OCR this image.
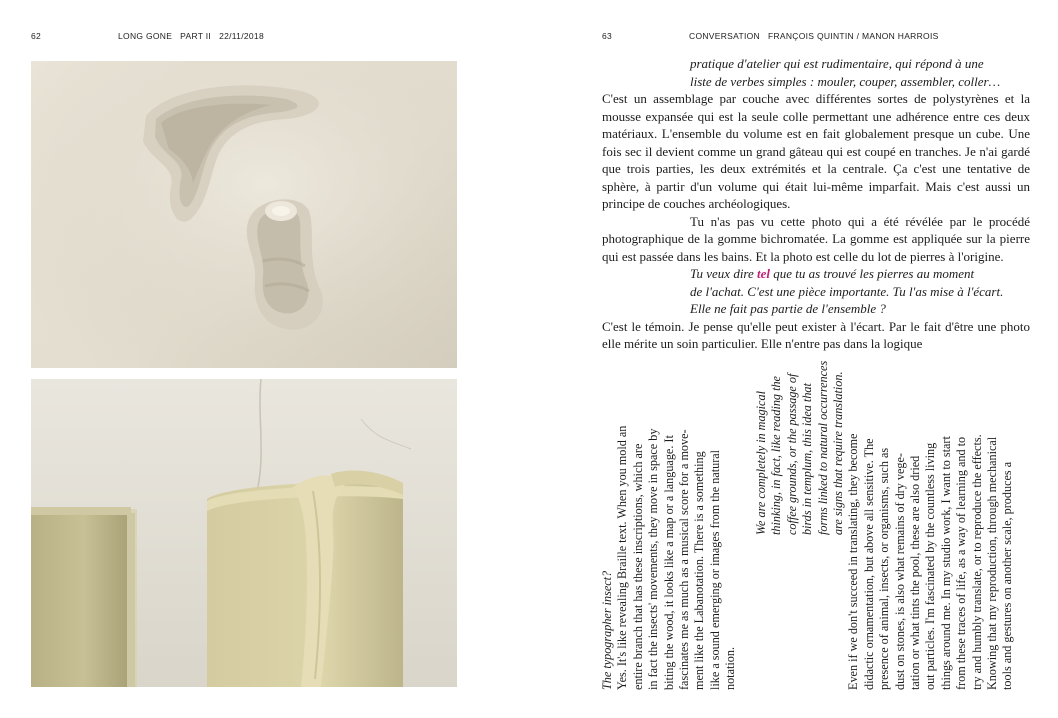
62	LONG GONE   PART II   22/11/2018	63	CONVERSATION   FRANÇOIS QUINTIN / MANON HARROIS

pratique d'atelier qui est rudimentaire, qui répond à une

liste de verbes simples : mouler, couper, assembler, coller…

C'est un assemblage par couche avec différentes sortes de polystyrènes et la mousse expansée qui est la seule colle permettant une adhérence entre ces deux matériaux. L'ensemble du volume est en fait globalement presque un cube. Une fois sec il devient comme un grand gâteau qui est coupé en tranches. Je n'ai gardé que trois parties, les deux extrémités et la centrale. Ça c'est une tentative de sphère, à partir d'un volume qui était lui-même imparfait. Mais c'est aussi un principe de couches archéologiques.

Tu n'as pas vu cette photo qui a été révélée par le procédé photographique de la gomme bichromatée. La gomme est appliquée sur la pierre qui est passée dans les bains. Et la photo est celle du lot de pierres à l'origine.

Tu veux dire tel que tu as trouvé les pierres au moment

de l'achat. C'est une pièce importante. Tu l'as mise à l'écart.

Elle ne fait pas partie de l'ensemble ?

C'est le témoin. Je pense qu'elle peut exister à l'écart. Par le fait d'être une photo elle mérite un soin particulier. Elle n'entre pas dans la logique

The typographer insect? Yes. It's like revealing Braille text. When you mold an entire branch that has these inscriptions, which are in fact the insects' movements, they move in space by biting the wood, it looks like a map or a language. It fascinates me as much as a musical score for a move- ment like the Labanotation. There is a something like a sound emerging or images from the natural notation.
We are completely in magical thinking, in fact, like reading the coffee grounds, or the passage of birds in templum, this idea that forms linked to natural occurrences are signs that require translation. Even if we don't succeed in translating, they become didactic ornamentation, but above all sensitive. The presence of animal, insects, or organisms, such as dust on stones, is also what remains of dry vege- tation or what tints the pool, these are also dried out particles. I'm fascinated by the countless living things around me. In my studio work, I want to start from these traces of life, as a way of learning and to try and humbly translate, or to reproduce the effects. Knowing that my reproduction, through mechanical tools and gestures on another scale, produces a
